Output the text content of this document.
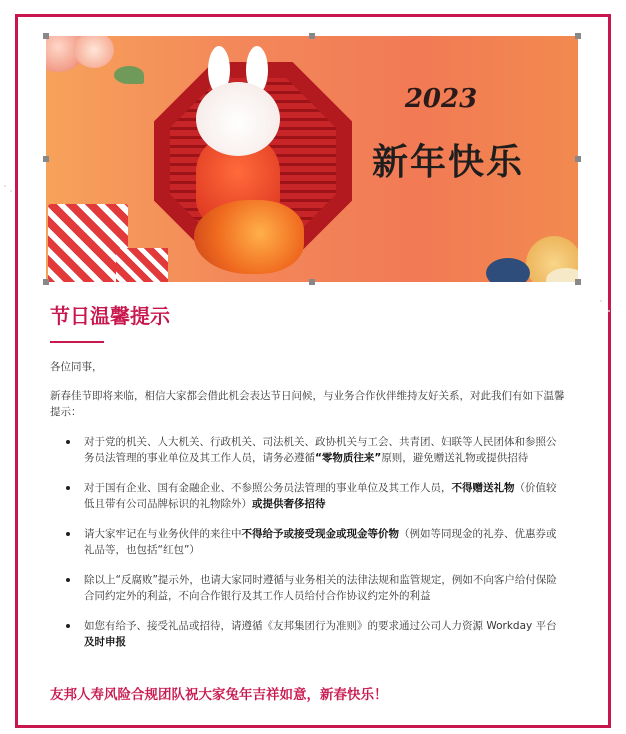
2023
新年快乐
节日温馨提示
各位同事，
新春佳节即将来临，相信大家都会借此机会表达节日问候，与业务合作伙伴维持友好关系，对此我们有如下温馨提示：
对于党的机关、人大机关、行政机关、司法机关、政协机关与工会、共青团、妇联等人民团体和参照公务员法管理的事业单位及其工作人员，请务必遵循“零物质往来”原则，避免赠送礼物或提供招待
对于国有企业、国有金融企业、不参照公务员法管理的事业单位及其工作人员，不得赠送礼物（价值较低且带有公司品牌标识的礼物除外）或提供奢侈招待
请大家牢记在与业务伙伴的来往中不得给予或接受现金或现金等价物（例如等同现金的礼券、优惠券或礼品等，也包括“红包”）
除以上“反腐败”提示外，也请大家同时遵循与业务相关的法律法规和监管规定，例如不向客户给付保险合同约定外的利益，不向合作银行及其工作人员给付合作协议约定外的利益
如您有给予、接受礼品或招待，请遵循《友邦集团行为准则》的要求通过公司人力资源 Workday 平台及时申报
友邦人寿风险合规团队祝大家兔年吉祥如意，新春快乐！
